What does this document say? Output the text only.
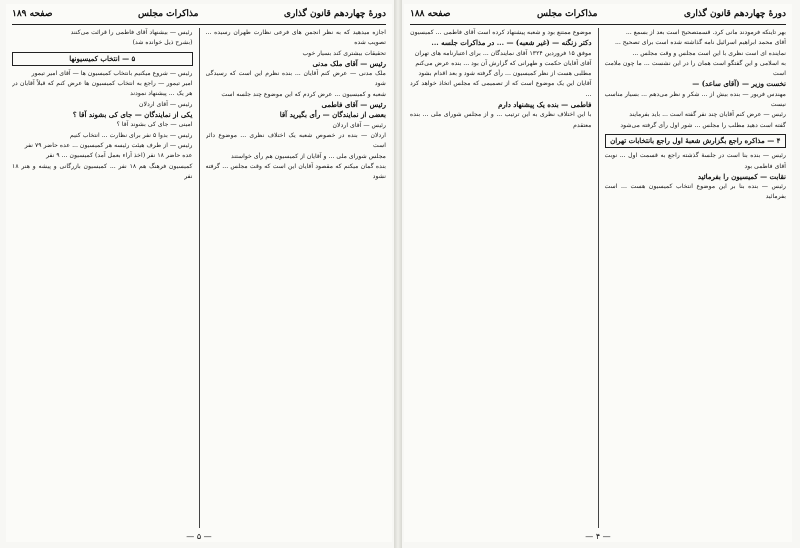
دورهٔ چهاردهم قانون گذاری
مذاکرات مجلس
صفحه ۱۸۹

اجازه میدهید که به نظر انجمن های فرعی نظارت طهران رسیده ... تصویب شده

تحقیقات بیشتری کند بسیار خوب

رئیس — آقای ملک مدنی

ملک مدنی — عرض کنم آقایان ... بنده نظرم این است که رسیدگی شود

شعبه و کمیسیون ... عرض کردم که این موضوع چند جلسه است

رئیس — آقای فاطمی

بعضی از نمایندگان — رأی بگیرید آقا

رئیس — آقای اردلان

اردلان — بنده در خصوص شعبه یک اختلاف نظری ... موضوع دائر است

مجلس شورای ملی ... و آقایان از کمیسیون هم رأی خواستند

بنده گمان میکنم که مقصود آقایان این است که وقت مجلس ... گرفته نشود

رئیس — بیشنهاد آقای فاطمی را قرائت می‌کنند

(بشرح ذیل خوانده شد)

۵ — انتخاب کمیسیونها

رئیس — شروع میکنیم بانتخاب کمیسیون ها — آقای امیر تیمور

امیر تیمور — راجع به انتخاب کمیسیون ها عرض کنم که قبلاً آقایان در هر یک ... پیشنهاد نمودند

رئیس — آقای اردلان

یکی از نمایندگان — جای کی بشوند آقا ؟

امینی — جای کی بشوند آقا ؟

رئیس — بدوا ۵ نفر برای نظارت ... انتخاب کنیم

رئیس — از طرف هیئت رئیسه هر کمیسیون ... عده حاضر ۷۹ نفر

عده حاضر ۱۸ نفر (اخذ آراء بعمل آمد) کمیسیون ... ۹ نفر

کمیسیون فرهنگ هم ۱۸ نفر ... کمیسیون بازرگانی و پیشه و هنر ۱۸ نفر

— ۵ —
دورهٔ چهاردهم قانون گذاری
مذاکرات مجلس
صفحه ۱۸۸

بهر تاینکه فرمودند مانی کرد. قسمتصحیح است بعد از بسمع ...

آقای محمد ابراهیم اسرائیل نامه گذاشته شده است برای تصحیح ...

نماینده ای است نظری با این است مجلس و وقت مجلس ...

به اسلامی و این گفتگو است همان را در این نشست ... ما چون ملامت است

نخست وزیر — (آقای ساعد) —

مهندس فریور — بنده بیش از ... شکر و نظر می‌دهم ... بسیار مناسب نیست

رئیس — عرض کنم آقایان چند نفر گفته است ... باید بفرمایند

گفته است دهید مطلب را مجلس ... شور اول رأی گرفته می‌شود

۴ — مذاکره راجع بگزارش شعبهٔ اول راجع بانتخابات تهران

رئیس — بنده بنا است در جلسهٔ گذشته راجع به قسمت اول ... نوبت آقای فاطمی بود

نقابت — کمیسیون را بفرمائید

رئیس — بنده بنا بر این موضوع انتخاب کمیسیون هست ... است بفرمائید

موضوع ممتنع بود و شعبه پیشنهاد کرده است آقای فاطمی ... کمیسیون

دکتر زنگنه — (غیر شعبه) — ... در مذاکرات جلسه ...

موفق ۱۵ فروردین ۱۳۲۴ آقای نمایندگان ... برای اعتبارنامه های تهران

آقای آقایان حکمت و طهرانی که گزارش آن بود ... بنده عرض می‌کنم

مطلبی هست از نظر کمیسیون ... رأی گرفته شود و بعد اقدام بشود

آقایان این یک موضوع است که از تصمیمی که مجلس اتخاذ خواهد کرد ...

فاطمی — بنده یک پیشنهاد دارم

با این اختلاف نظری به این ترتیب ... و از مجلس شورای ملی ... بنده معتقدم

— ۴ —
